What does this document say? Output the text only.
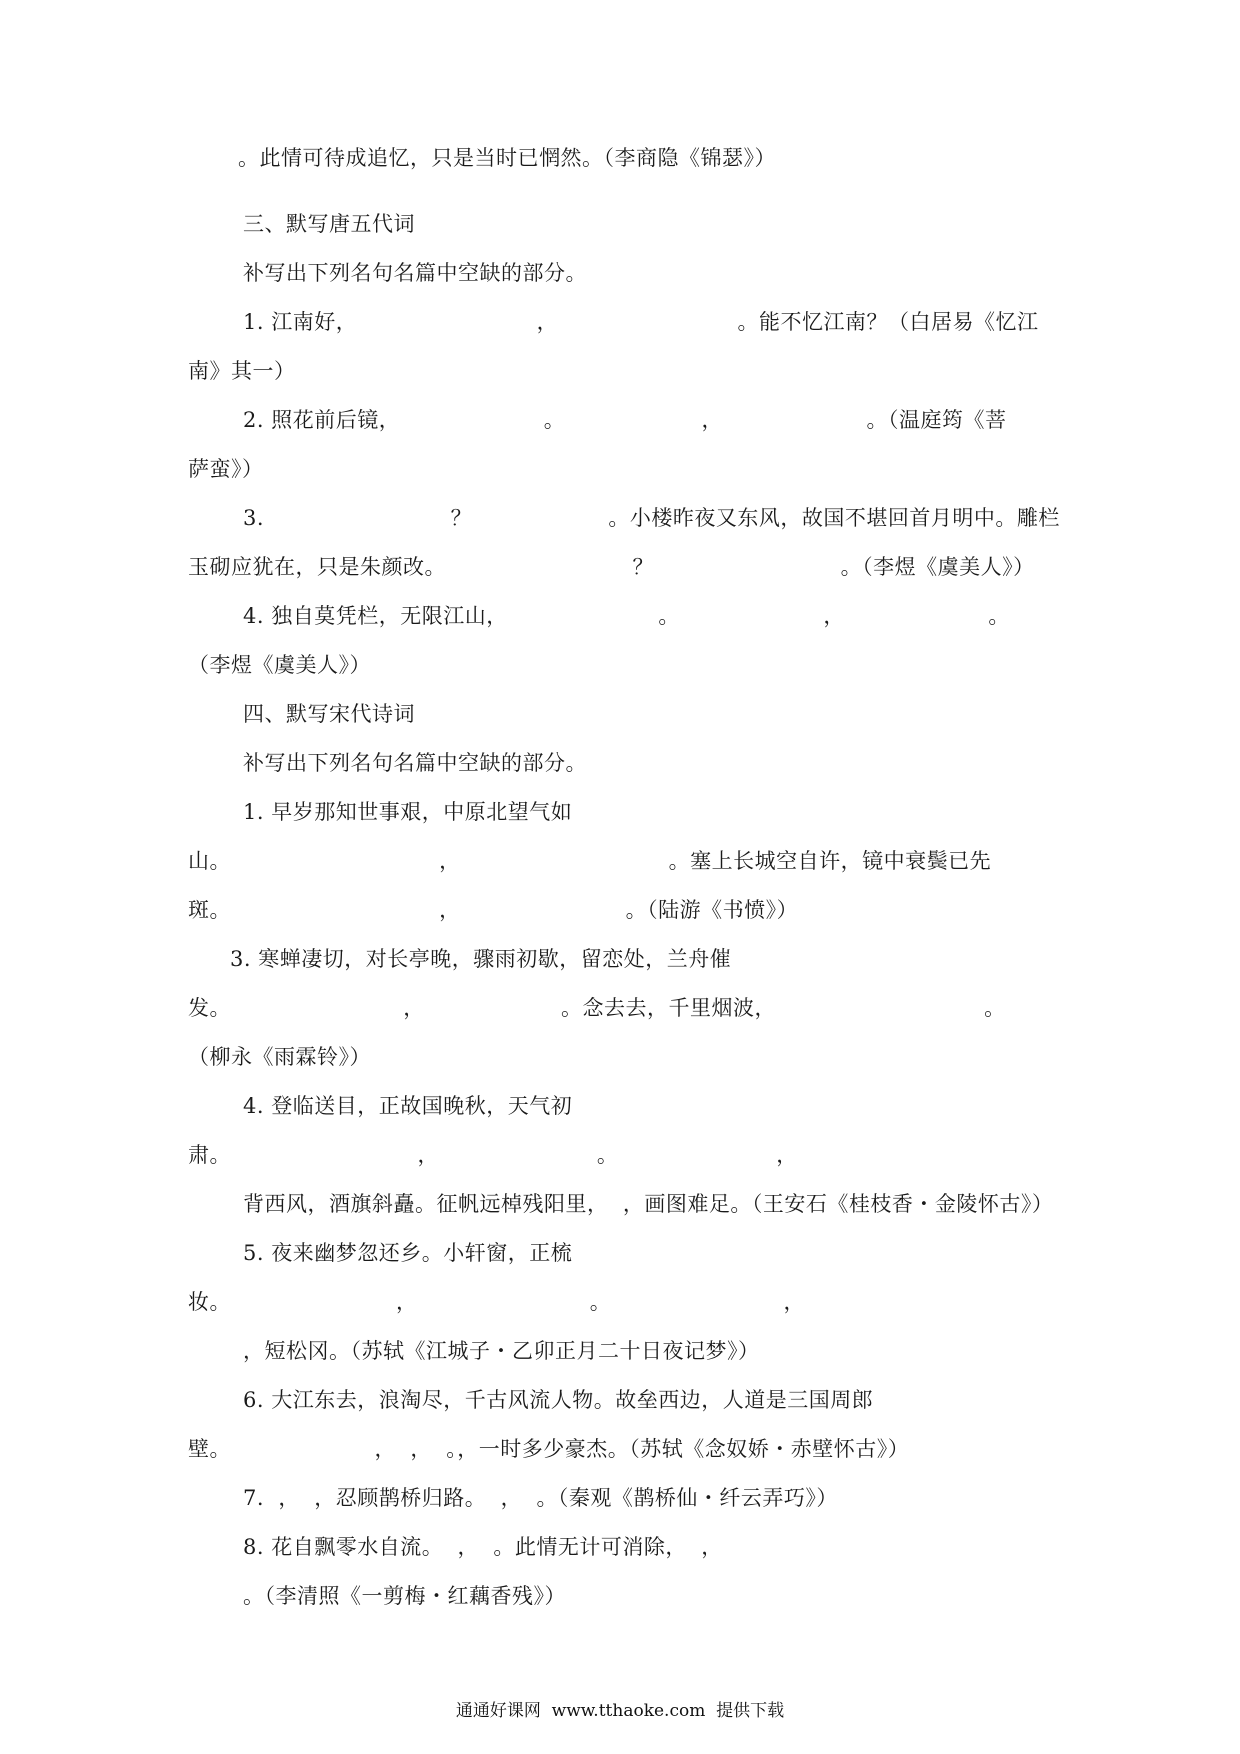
。此情可待成追忆，只是当时已惘然。（李商隐《锦瑟》）
三、默写唐五代词
补写出下列名句名篇中空缺的部分。
1. 江南好，                         ，                         。能不忆江南？（白居易《忆江
南》其一）
2. 照花前后镜，                    。                   ，                    。（温庭筠《菩
萨蛮》）
3.                          ？                   。小楼昨夜又东风，故国不堪回首月明中。雕栏
玉砌应犹在，只是朱颜改。                          ？                          。（李煜《虞美人》）
4. 独自莫凭栏，无限江山，                     。                    ，                    。
（李煜《虞美人》）
四、默写宋代诗词
补写出下列名句名篇中空缺的部分。
1. 早岁那知世事艰，中原北望气如
山。                             ，                             。塞上长城空自许，镜中衰鬓已先
斑。                             ，                       。（陆游《书愤》）
3. 寒蝉凄切，对长亭晚，骤雨初歇，留恋处，兰舟催
发。                        ，                   。念去去，千里烟波，                             。
（柳永《雨霖铃》）
4. 登临送目，正故国晚秋，天气初
肃。                          ，                      。                      ，
背西风，酒旗斜矗。征帆远棹残阳里，  ，画图难足。（王安石《桂枝香・金陵怀古》）
5. 夜来幽梦忽还乡。小轩窗，正梳
妆。                       ，                        。                        ，
，短松冈。（苏轼《江城子・乙卯正月二十日夜记梦》）
6. 大江东去，浪淘尽，千古风流人物。故垒西边，人道是三国周郎
壁。                    ，  ，  。，一时多少豪杰。（苏轼《念奴娇・赤壁怀古》）
7.  ，  ，忍顾鹊桥归路。  ，  。（秦观《鹊桥仙・纤云弄巧》）
8. 花自飘零水自流。  ，  。此情无计可消除，  ，
。（李清照《一剪梅・红藕香残》）
通通好课网  www.tthaoke.com  提供下载
